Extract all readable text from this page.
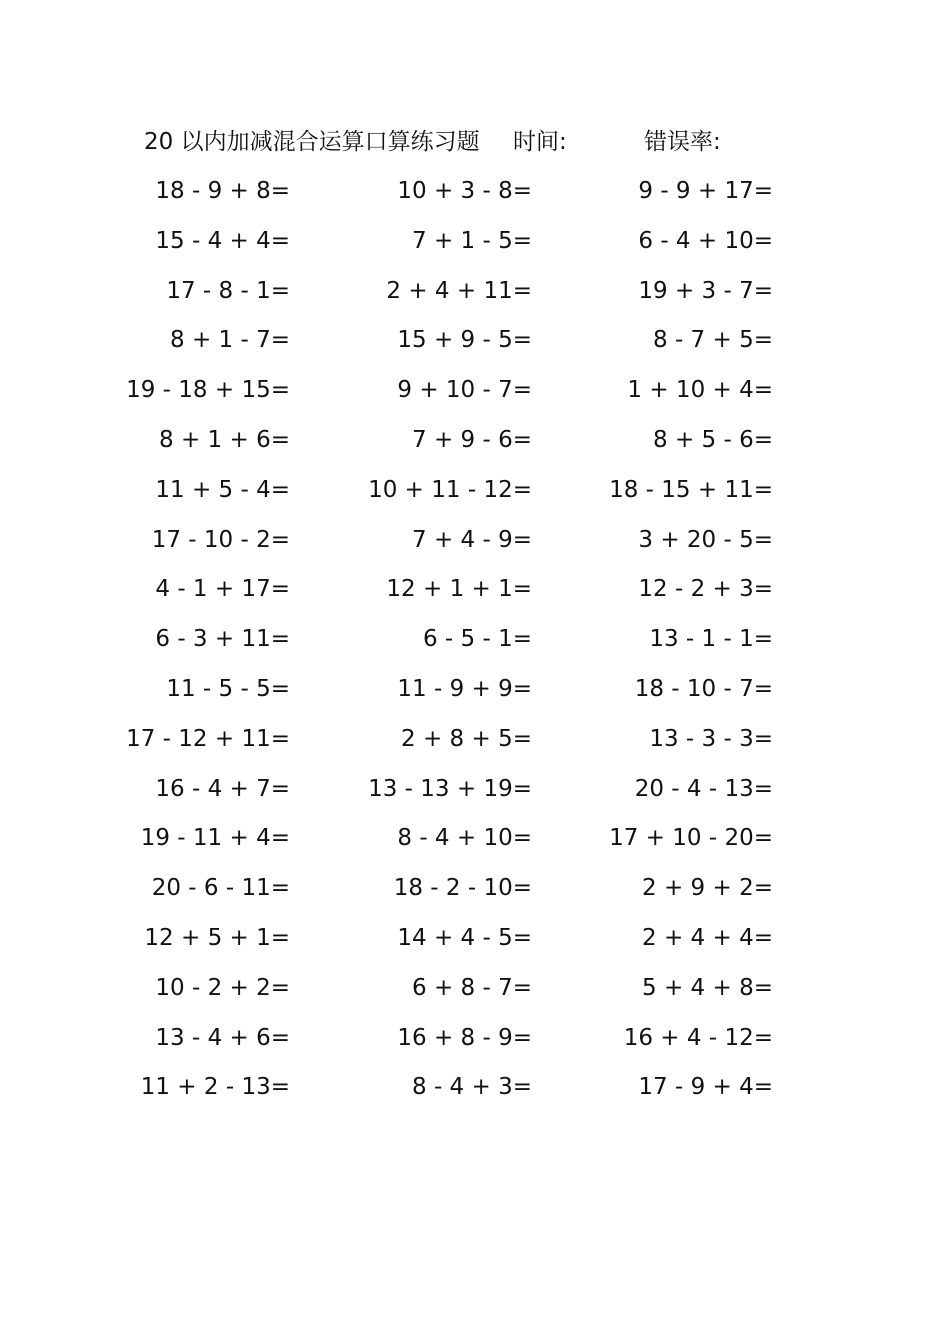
20 以内加减混合运算口算练习题 时间:	错误率:
18 - 9 + 8=	10 + 3 - 8=	9 - 9 + 17=
15 - 4 + 4=	7 + 1 - 5=	6 - 4 + 10=
17 - 8 - 1=	2 + 4 + 11=	19 + 3 - 7=
8 + 1 - 7=	15 + 9 - 5=	8 - 7 + 5=
19 - 18 + 15=	9 + 10 - 7=	1 + 10 + 4=
8 + 1 + 6=	7 + 9 - 6=	8 + 5 - 6=
11 + 5 - 4=	10 + 11 - 12=	18 - 15 + 11=
17 - 10 - 2=	7 + 4 - 9=	3 + 20 - 5=
4 - 1 + 17=	12 + 1 + 1=	12 - 2 + 3=
6 - 3 + 11=	6 - 5 - 1=	13 - 1 - 1=
11 - 5 - 5=	11 - 9 + 9=	18 - 10 - 7=
17 - 12 + 11=	2 + 8 + 5=	13 - 3 - 3=
16 - 4 + 7=	13 - 13 + 19=	20 - 4 - 13=
19 - 11 + 4=	8 - 4 + 10=	17 + 10 - 20=
20 - 6 - 11=	18 - 2 - 10=	2 + 9 + 2=
12 + 5 + 1=	14 + 4 - 5=	2 + 4 + 4=
10 - 2 + 2=	6 + 8 - 7=	5 + 4 + 8=
13 - 4 + 6=	16 + 8 - 9=	16 + 4 - 12=
11 + 2 - 13=	8 - 4 + 3=	17 - 9 + 4=
